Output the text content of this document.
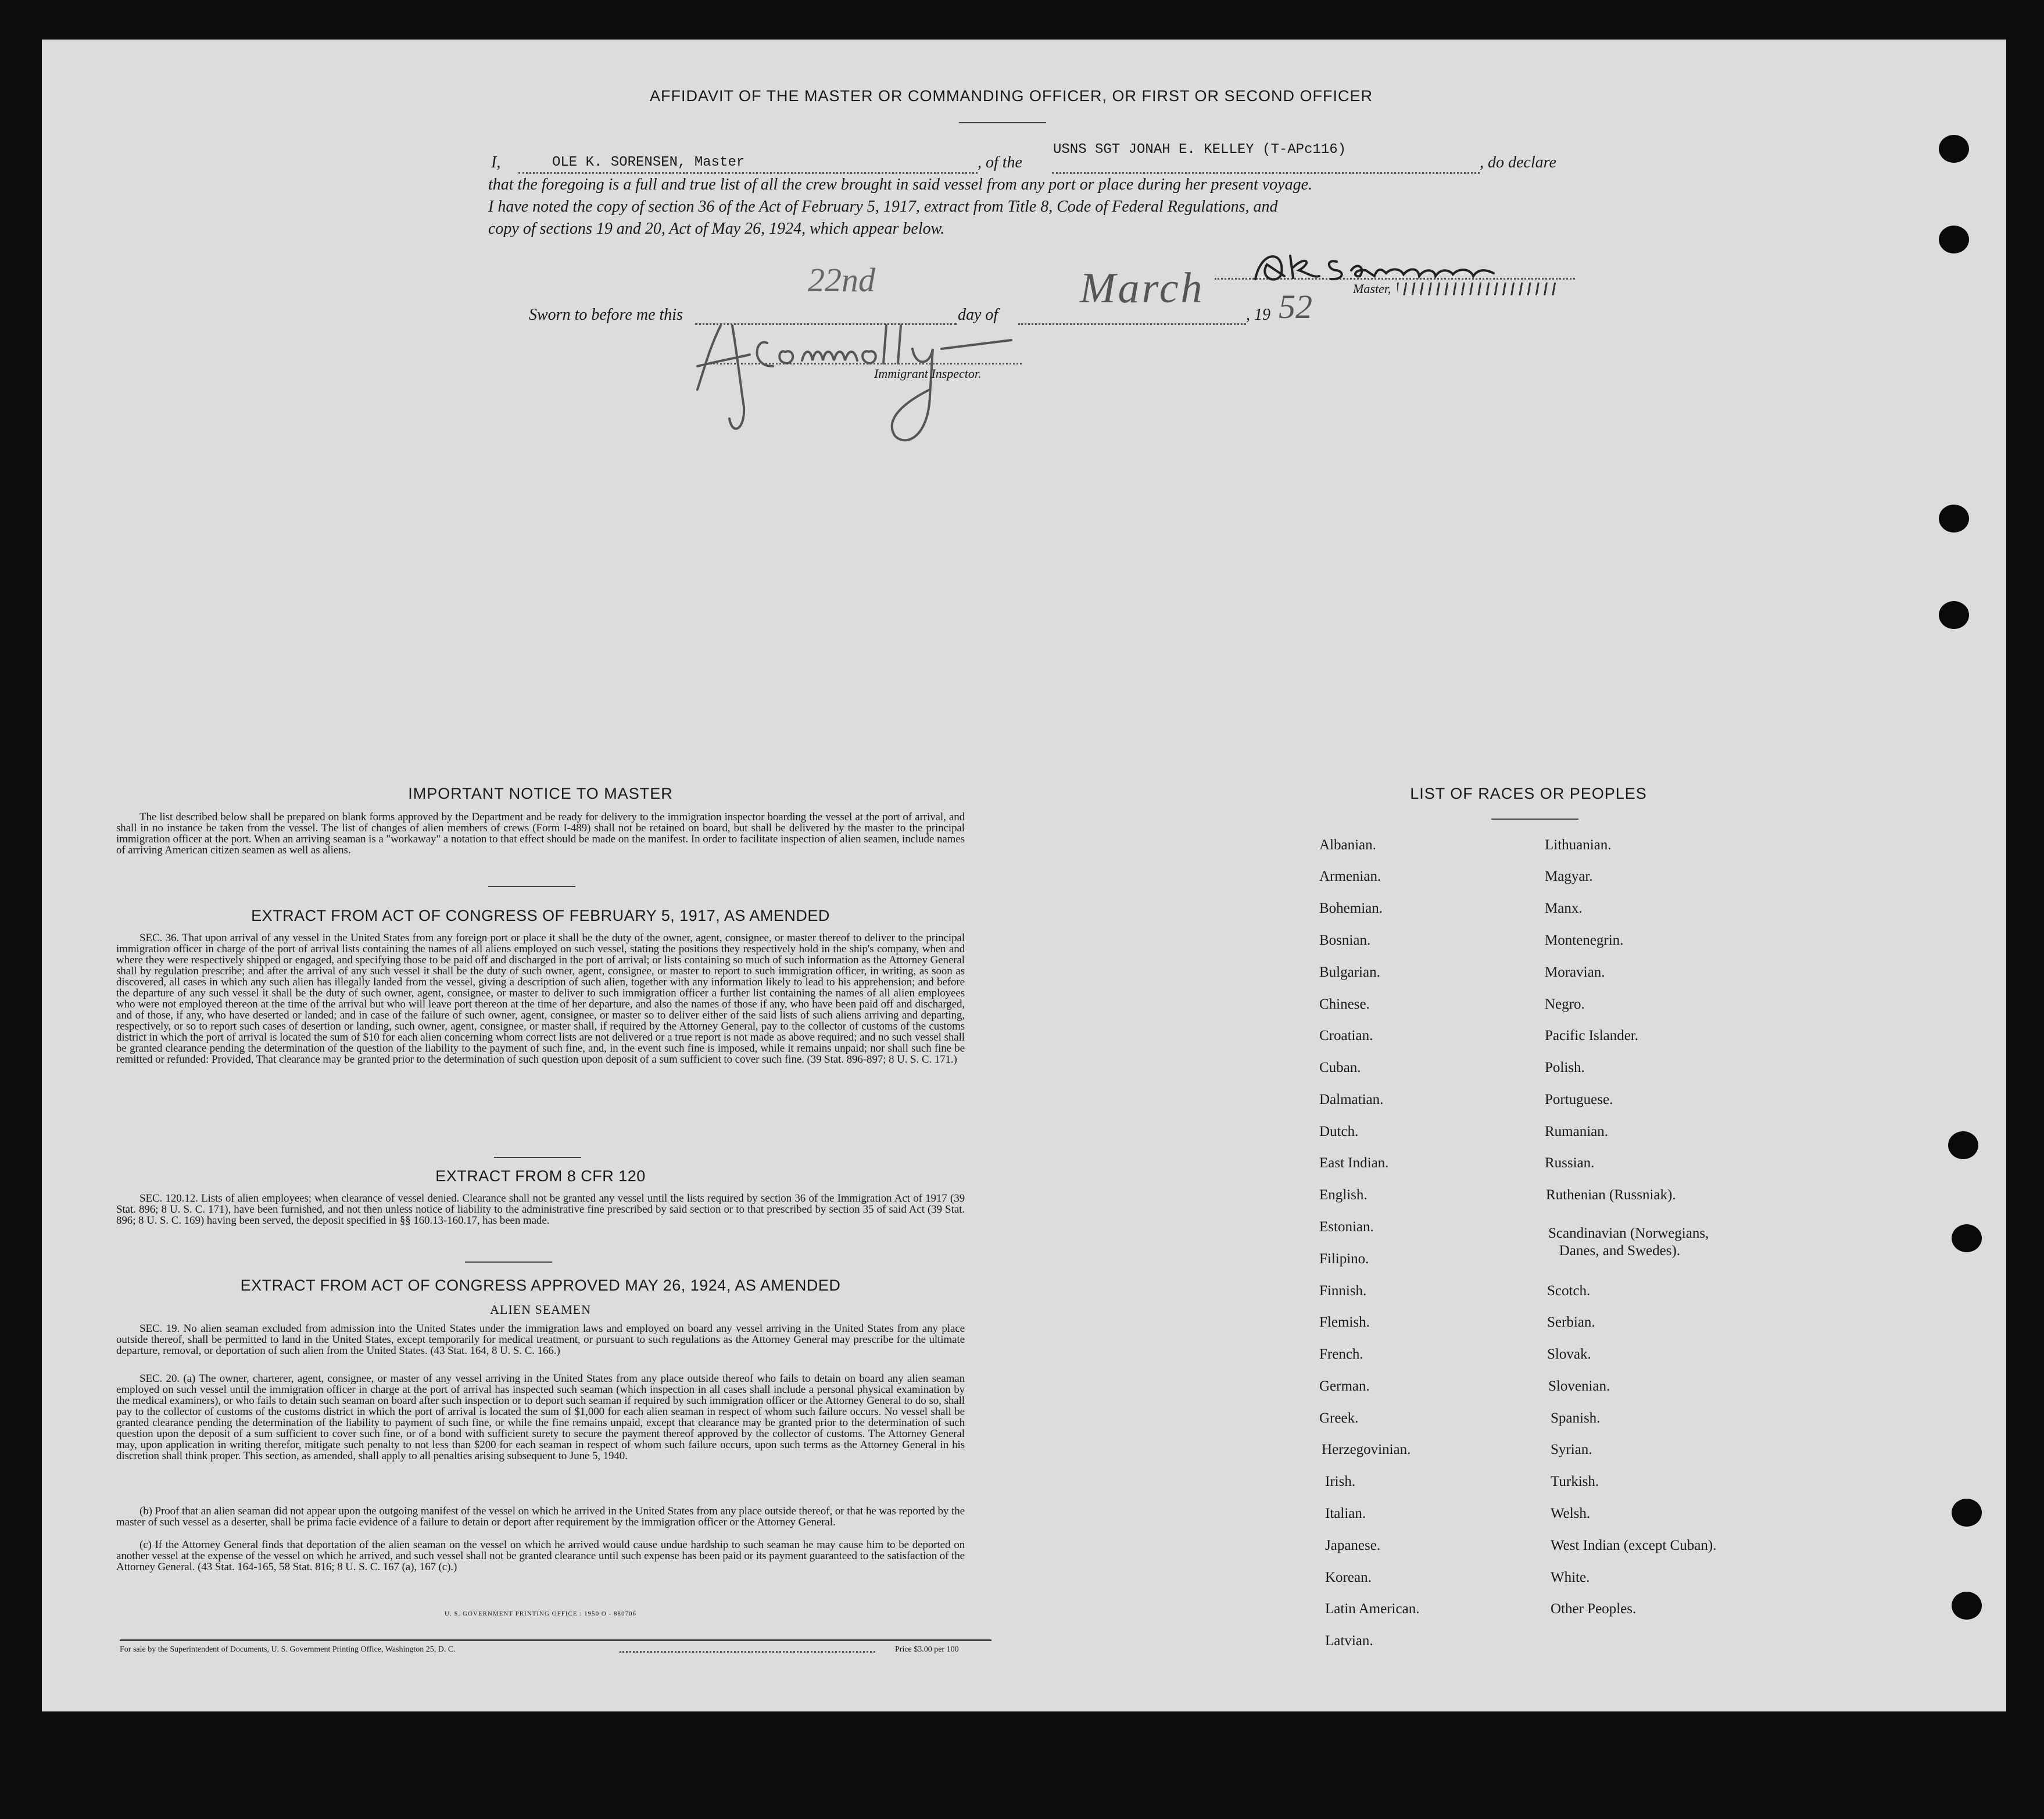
AFFIDAVIT OF THE MASTER OR COMMANDING OFFICER, OR FIRST OR SECOND OFFICER
I,	OLE K. SORENSEN, Master	, of the
USNS SGT JONAH E. KELLEY (T-APc116)
, do declare
that the foregoing is a full and true list of all the crew brought in said vessel from any port or place during her present voyage.
I have noted the copy of section 36 of the Act of February 5, 1917, extract from Title 8, Code of Federal Regulations, and
copy of sections 19 and 20, Act of May 26, 1924, which appear below.
Master,
Sworn to before me this
22nd
day of
March
, 19 52
Immigrant Inspector.
IMPORTANT NOTICE TO MASTER
The list described below shall be prepared on blank forms approved by the Department and be ready for delivery to the immigration inspector boarding the vessel at the port of arrival, and shall in no instance be taken from the vessel. The list of changes of alien members of crews (Form I-489) shall not be retained on board, but shall be delivered by the master to the principal immigration officer at the port. When an arriving seaman is a "workaway" a notation to that effect should be made on the manifest. In order to facilitate inspection of alien seamen, include names of arriving American citizen seamen as well as aliens.
EXTRACT FROM ACT OF CONGRESS OF FEBRUARY 5, 1917, AS AMENDED
SEC. 36. That upon arrival of any vessel in the United States from any foreign port or place it shall be the duty of the owner, agent, consignee, or master thereof to deliver to the principal immigration officer in charge of the port of arrival lists containing the names of all aliens employed on such vessel, stating the positions they respectively hold in the ship's company, when and where they were respectively shipped or engaged, and specifying those to be paid off and discharged in the port of arrival; or lists containing so much of such information as the Attorney General shall by regulation prescribe; and after the arrival of any such vessel it shall be the duty of such owner, agent, consignee, or master to report to such immigration officer, in writing, as soon as discovered, all cases in which any such alien has illegally landed from the vessel, giving a description of such alien, together with any information likely to lead to his apprehension; and before the departure of any such vessel it shall be the duty of such owner, agent, consignee, or master to deliver to such immigration officer a further list containing the names of all alien employees who were not employed thereon at the time of the arrival but who will leave port thereon at the time of her departure, and also the names of those if any, who have been paid off and discharged, and of those, if any, who have deserted or landed; and in case of the failure of such owner, agent, consignee, or master so to deliver either of the said lists of such aliens arriving and departing, respectively, or so to report such cases of desertion or landing, such owner, agent, consignee, or master shall, if required by the Attorney General, pay to the collector of customs of the customs district in which the port of arrival is located the sum of $10 for each alien concerning whom correct lists are not delivered or a true report is not made as above required; and no such vessel shall be granted clearance pending the determination of the question of the liability to the payment of such fine, and, in the event such fine is imposed, while it remains unpaid; nor shall such fine be remitted or refunded: Provided, That clearance may be granted prior to the determination of such question upon deposit of a sum sufficient to cover such fine. (39 Stat. 896-897; 8 U. S. C. 171.)
EXTRACT FROM 8 CFR 120
SEC. 120.12. Lists of alien employees; when clearance of vessel denied. Clearance shall not be granted any vessel until the lists required by section 36 of the Immigration Act of 1917 (39 Stat. 896; 8 U. S. C. 171), have been furnished, and not then unless notice of liability to the administrative fine prescribed by said section or to that prescribed by section 35 of said Act (39 Stat. 896; 8 U. S. C. 169) having been served, the deposit specified in §§ 160.13-160.17, has been made.
EXTRACT FROM ACT OF CONGRESS APPROVED MAY 26, 1924, AS AMENDED
ALIEN SEAMEN
SEC. 19. No alien seaman excluded from admission into the United States under the immigration laws and employed on board any vessel arriving in the United States from any place outside thereof, shall be permitted to land in the United States, except temporarily for medical treatment, or pursuant to such regulations as the Attorney General may prescribe for the ultimate departure, removal, or deportation of such alien from the United States. (43 Stat. 164, 8 U. S. C. 166.)
SEC. 20. (a) The owner, charterer, agent, consignee, or master of any vessel arriving in the United States from any place outside thereof who fails to detain on board any alien seaman employed on such vessel until the immigration officer in charge at the port of arrival has inspected such seaman (which inspection in all cases shall include a personal physical examination by the medical examiners), or who fails to detain such seaman on board after such inspection or to deport such seaman if required by such immigration officer or the Attorney General to do so, shall pay to the collector of customs of the customs district in which the port of arrival is located the sum of $1,000 for each alien seaman in respect of whom such failure occurs. No vessel shall be granted clearance pending the determination of the liability to payment of such fine, or while the fine remains unpaid, except that clearance may be granted prior to the determination of such question upon the deposit of a sum sufficient to cover such fine, or of a bond with sufficient surety to secure the payment thereof approved by the collector of customs. The Attorney General may, upon application in writing therefor, mitigate such penalty to not less than $200 for each seaman in respect of whom such failure occurs, upon such terms as the Attorney General in his discretion shall think proper. This section, as amended, shall apply to all penalties arising subsequent to June 5, 1940.
(b) Proof that an alien seaman did not appear upon the outgoing manifest of the vessel on which he arrived in the United States from any place outside thereof, or that he was reported by the master of such vessel as a deserter, shall be prima facie evidence of a failure to detain or deport after requirement by the immigration officer or the Attorney General.
(c) If the Attorney General finds that deportation of the alien seaman on the vessel on which he arrived would cause undue hardship to such seaman he may cause him to be deported on another vessel at the expense of the vessel on which he arrived, and such vessel shall not be granted clearance until such expense has been paid or its payment guaranteed to the satisfaction of the Attorney General. (43 Stat. 164-165, 58 Stat. 816; 8 U. S. C. 167 (a), 167 (c).)
U. S. GOVERNMENT PRINTING OFFICE : 1950 O - 880706
For sale by the Superintendent of Documents, U. S. Government Printing Office, Washington 25, D. C.	Price $3.00 per 100
LIST OF RACES OR PEOPLES
Albanian.
Armenian.
Bohemian.
Bosnian.
Bulgarian.
Chinese.
Croatian.
Cuban.
Dalmatian.
Dutch.
East Indian.
English.
Estonian.
Filipino.
Finnish.
Flemish.
French.
German.
Greek.
Herzegovinian.
Irish.
Italian.
Japanese.
Korean.
Latin American.
Latvian.
Lithuanian.
Magyar.
Manx.
Montenegrin.
Moravian.
Negro.
Pacific Islander.
Polish.
Portuguese.
Rumanian.
Russian.
Ruthenian (Russniak).
Scandinavian (Norwegians,
Danes, and Swedes).
Scotch.
Serbian.
Slovak.
Slovenian.
Spanish.
Syrian.
Turkish.
Welsh.
West Indian (except Cuban).
White.
Other Peoples.
